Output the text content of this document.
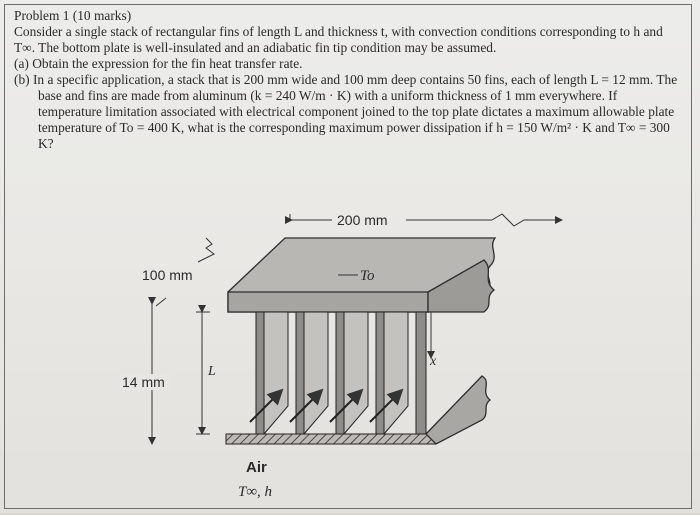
Problem 1 (10 marks)

Consider a single stack of rectangular fins of length L and thickness t, with convection conditions corresponding to h and T∞. The bottom plate is well-insulated and an adiabatic fin tip condition may be assumed.

(a) Obtain the expression for the fin heat transfer rate.

(b) In a specific application, a stack that is 200 mm wide and 100 mm deep contains 50 fins, each of length L = 12 mm. The base and fins are made from aluminum (k = 240 W/m · K) with a uniform thickness of 1 mm everywhere. If temperature limitation associated with electrical component joined to the top plate dictates a maximum allowable plate temperature of To = 400 K, what is the corresponding maximum power dissipation if h = 150 W/m² · K and T∞ = 300 K?

200 mm
100 mm
14 mm
L
To
x
Air
T∞, h
